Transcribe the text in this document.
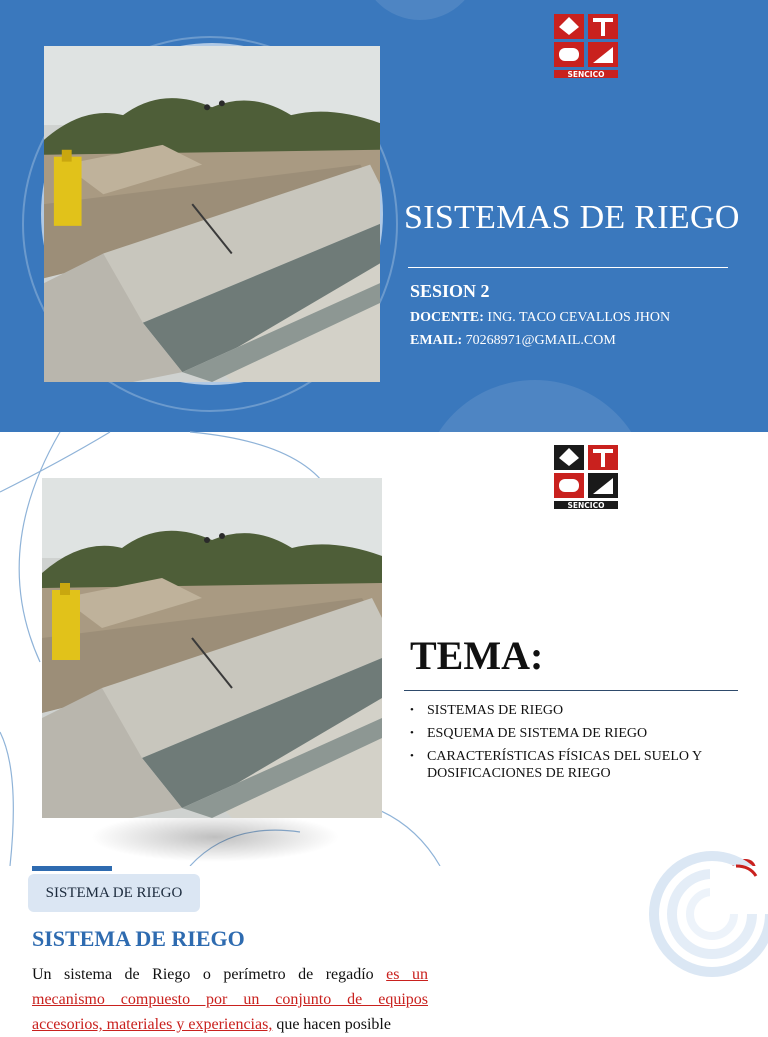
SENCICO
SISTEMAS DE RIEGO
SESION 2
DOCENTE: ING. TACO CEVALLOS JHON
EMAIL: 70268971@GMAIL.COM
SENCICO
TEMA:
• SISTEMAS DE RIEGO
• ESQUEMA DE SISTEMA DE RIEGO
• CARACTERÍSTICAS FÍSICAS DEL SUELO Y DOSIFICACIONES DE RIEGO
SISTEMA DE RIEGO
SISTEMA DE RIEGO

Un sistema de Riego o perímetro de regadío es un mecanismo compuesto por un conjunto de equipos accesorios, materiales y experiencias, que hacen posible
